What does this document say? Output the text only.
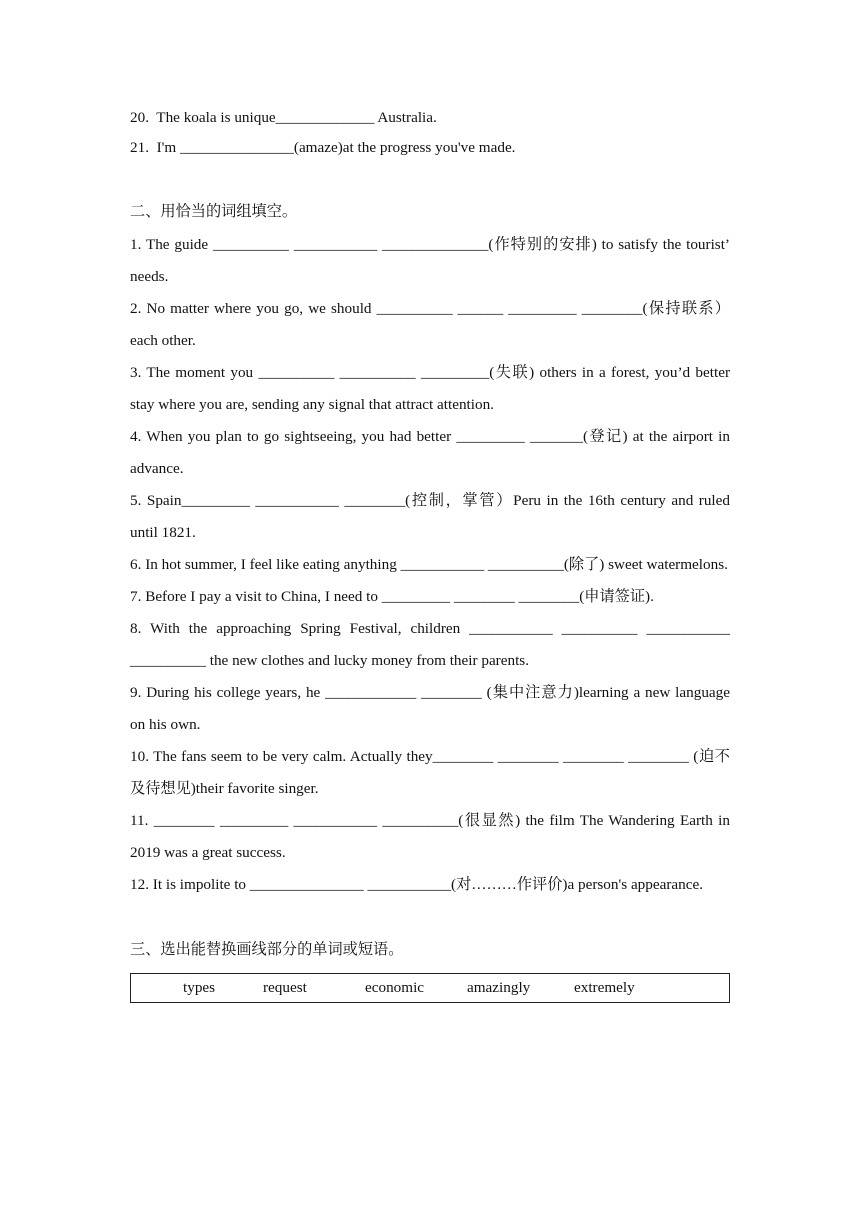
20.  The koala is unique_____________ Australia.
21.  I'm _______________(amaze)at the progress you've made.
二、用恰当的词组填空。
1. The guide __________ ___________ ______________(作特别的安排) to satisfy the tourist’ needs.
2. No matter where you go, we should __________ ______ _________ ________(保持联系）each other.
3. The moment you __________ __________ _________(失联) others in a forest, you’d better stay where you are, sending any signal that attract attention.
4. When you plan to go sightseeing, you had better _________ _______(登记) at the airport in advance.
5. Spain_________ ___________ ________(控制，掌管）Peru in the 16th century and ruled until 1821.
6. In hot summer, I feel like eating anything ___________ __________(除了) sweet watermelons.
7. Before I pay a visit to China, I need to _________ ________ ________(申请签证).
8. With the approaching Spring Festival, children ___________ __________ ___________ __________ the new clothes and lucky money from their parents.
9. During his college years, he ____________ ________ (集中注意力)learning a new language on his own.
10. The fans seem to be very calm. Actually they________ ________ ________ ________ (迫不及待想见)their favorite singer.
11. ________ _________ ___________ __________(很显然) the film The Wandering Earth in 2019 was a great success.
12. It is impolite to _______________ ___________(对………作评价)a person's appearance.
三、选出能替换画线部分的单词或短语。
types	request	economic	amazingly	extremely
